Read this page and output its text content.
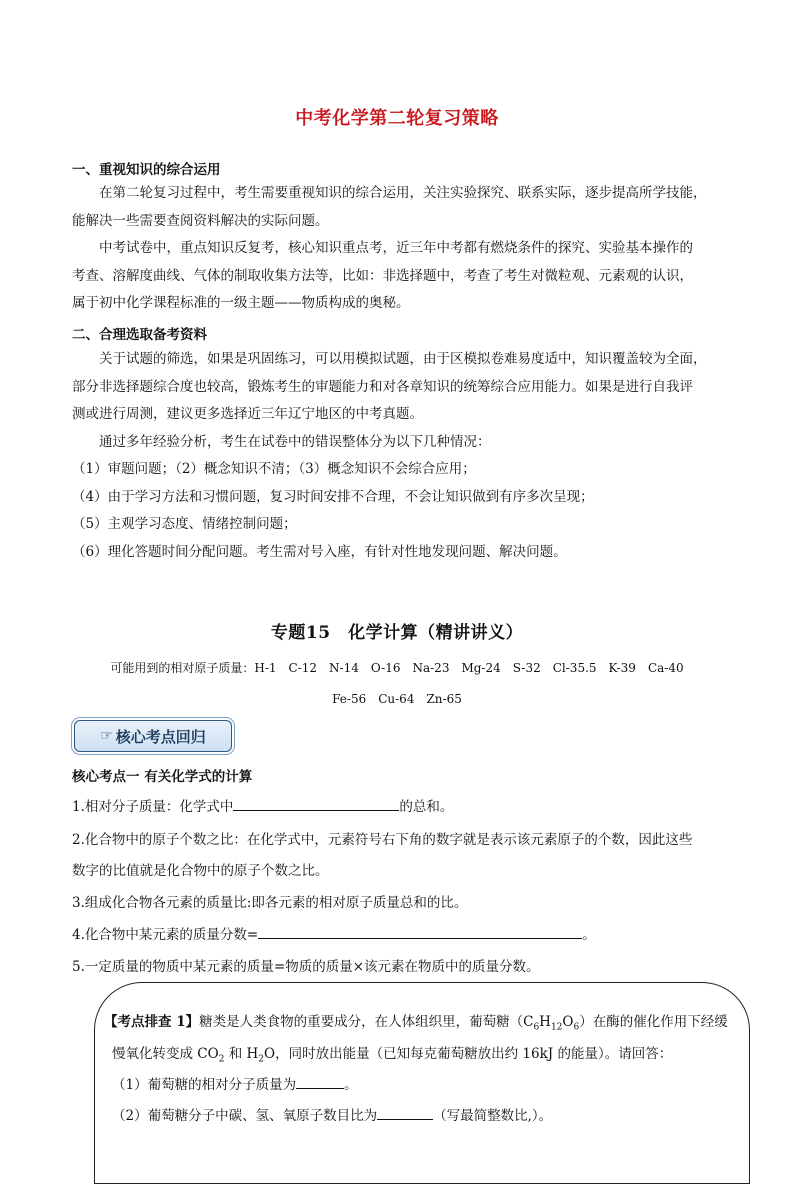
中考化学第二轮复习策略
一、重视知识的综合运用
在第二轮复习过程中，考生需要重视知识的综合运用，关注实验探究、联系实际，逐步提高所学技能，
能解决一些需要查阅资料解决的实际问题。
中考试卷中，重点知识反复考，核心知识重点考，近三年中考都有燃烧条件的探究、实验基本操作的
考查、溶解度曲线、气体的制取收集方法等，比如：非选择题中，考查了考生对微粒观、元素观的认识，
属于初中化学课程标准的一级主题——物质构成的奥秘。
二、合理选取备考资料
关于试题的筛选，如果是巩固练习，可以用模拟试题，由于区模拟卷难易度适中，知识覆盖较为全面，
部分非选择题综合度也较高，锻炼考生的审题能力和对各章知识的统筹综合应用能力。如果是进行自我评
测或进行周测，建议更多选择近三年辽宁地区的中考真题。
通过多年经验分析，考生在试卷中的错误整体分为以下几种情况：
（1）审题问题；（2）概念知识不清；（3）概念知识不会综合应用；
（4）由于学习方法和习惯问题，复习时间安排不合理，不会让知识做到有序多次呈现；
（5）主观学习态度、情绪控制问题；
（6）理化答题时间分配问题。考生需对号入座，有针对性地发现问题、解决问题。
专题15　化学计算（精讲讲义）
可能用到的相对原子质量：H-1　C-12　N-14　O-16　Na-23　Mg-24　S-32　Cl-35.5　K-39　Ca-40
Fe-56　Cu-64　Zn-65
☞ 核心考点回归
核心考点一 有关化学式的计算
1.相对分子质量：化学式中	的总和。
2.化合物中的原子个数之比：在化学式中，元素符号右下角的数字就是表示该元素原子的个数，因此这些
数字的比值就是化合物中的原子个数之比。
3.组成化合物各元素的质量比:即各元素的相对原子质量总和的比。
4.化合物中某元素的质量分数=	。
5.一定质量的物质中某元素的质量=物质的质量×该元素在物质中的质量分数。
【考点排查 1】糖类是人类食物的重要成分，在人体组织里，葡萄糖$(C_6H_{12}O_6)$在酶的催化作用下经缓
慢氧化转变成 $CO_2$ 和 $H_2O$，同时放出能量（已知每克葡萄糖放出约 16kJ 的能量）。请回答：
（1）葡萄糖的相对分子质量为	。
（2）葡萄糖分子中碳、氢、氧原子数目比为	（写最简整数比,）。
